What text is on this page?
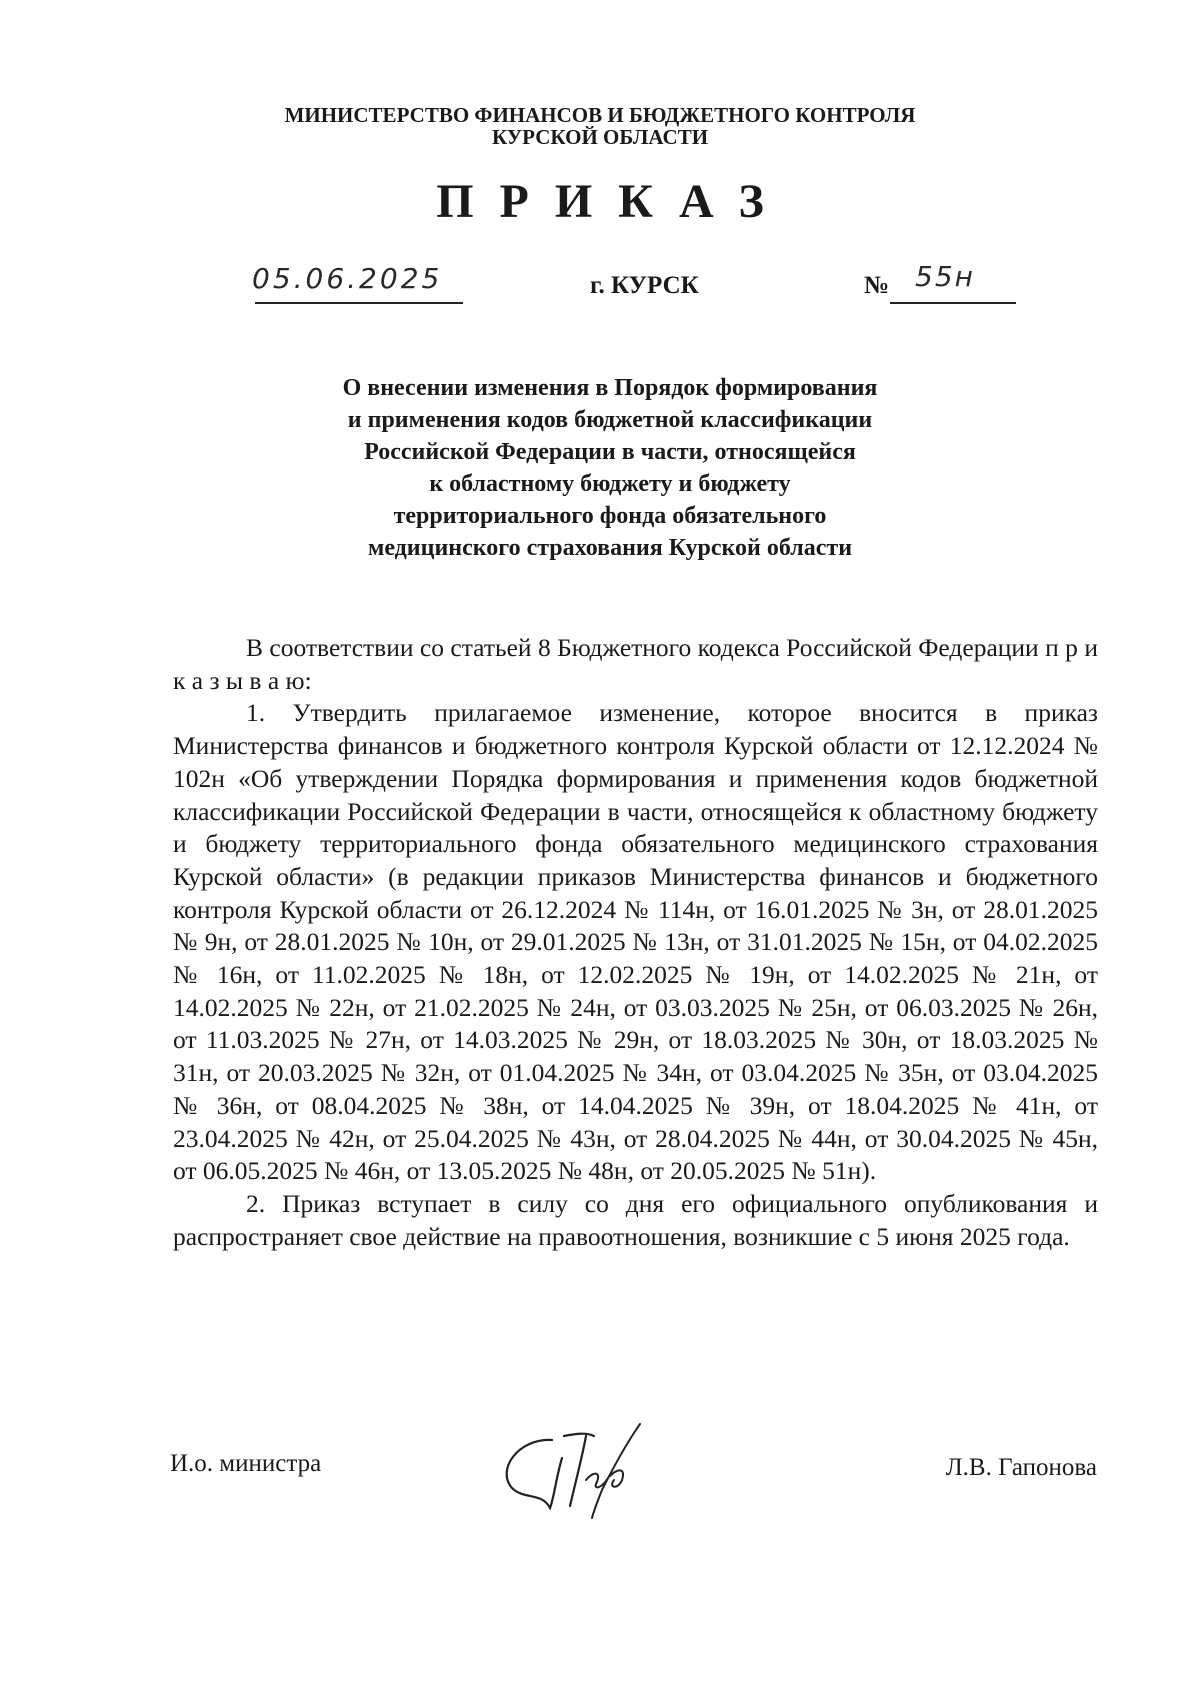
МИНИСТЕРСТВО ФИНАНСОВ И БЮДЖЕТНОГО КОНТРОЛЯ
КУРСКОЙ ОБЛАСТИ
ПРИКАЗ
05.06.2025	г. КУРСК	№ 55н
О внесении изменения в Порядок формирования
и применения кодов бюджетной классификации
Российской Федерации в части, относящейся
к областному бюджету и бюджету
территориального фонда обязательного
медицинского страхования Курской области

В соответствии со статьей 8 Бюджетного кодекса Российской Федерации п р и к а з ы в а ю:

1. Утвердить прилагаемое изменение, которое вносится в приказ Министерства финансов и бюджетного контроля Курской области от 12.12.2024 № 102н «Об утверждении Порядка формирования и применения кодов бюджетной классификации Российской Федерации в части, относящейся к областному бюджету и бюджету территориального фонда обязательного медицинского страхования Курской области» (в редакции приказов Министерства финансов и бюджетного контроля Курской области от 26.12.2024 № 114н, от 16.01.2025 № 3н, от 28.01.2025 № 9н, от 28.01.2025 № 10н, от 29.01.2025 № 13н, от 31.01.2025 № 15н, от 04.02.2025 № 16н, от 11.02.2025 № 18н, от 12.02.2025 № 19н, от 14.02.2025 № 21н, от 14.02.2025 № 22н, от 21.02.2025 № 24н, от 03.03.2025 № 25н, от 06.03.2025 № 26н, от 11.03.2025 № 27н, от 14.03.2025 № 29н, от 18.03.2025 № 30н, от 18.03.2025 № 31н, от 20.03.2025 № 32н, от 01.04.2025 № 34н, от 03.04.2025 № 35н, от 03.04.2025 № 36н, от 08.04.2025 № 38н, от 14.04.2025 № 39н, от 18.04.2025 № 41н, от 23.04.2025 № 42н, от 25.04.2025 № 43н, от 28.04.2025 № 44н, от 30.04.2025 № 45н, от 06.05.2025 № 46н, от 13.05.2025 № 48н, от 20.05.2025 № 51н).

2. Приказ вступает в силу со дня его официального опубликования и распространяет свое действие на правоотношения, возникшие с 5 июня 2025 года.

И.о. министра	Л.В. Гапонова
